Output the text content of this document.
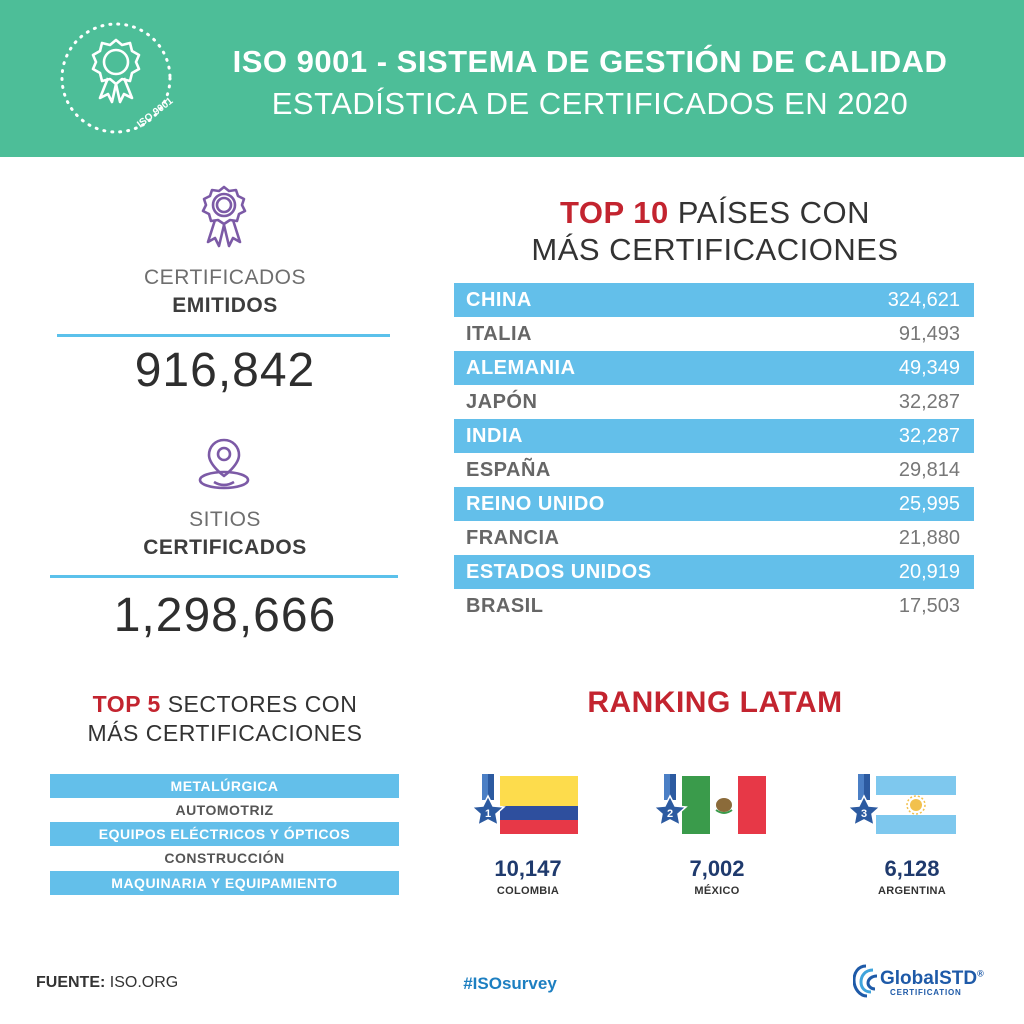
ISO 9001
ISO 9001 - SISTEMA DE GESTIÓN DE CALIDAD
ESTADÍSTICA DE CERTIFICADOS EN 2020
CERTIFICADOS
EMITIDOS
916,842
SITIOS
CERTIFICADOS
1,298,666
TOP 10 PAÍSES CON
MÁS CERTIFICACIONES
CHINA	324,621
ITALIA	91,493
ALEMANIA	49,349
JAPÓN	32,287
INDIA	32,287
ESPAÑA	29,814
REINO UNIDO	25,995
FRANCIA	21,880
ESTADOS UNIDOS	20,919
BRASIL	17,503
TOP 5 SECTORES CON
MÁS CERTIFICACIONES
METALÚRGICA
AUTOMOTRIZ
EQUIPOS ELÉCTRICOS Y ÓPTICOS
CONSTRUCCIÓN
MAQUINARIA Y EQUIPAMIENTO
RANKING LATAM
1
10,147
COLOMBIA
2
7,002
MÉXICO
3
6,128
ARGENTINA
FUENTE: ISO.ORG	#ISOsurvey	GlobalSTD®
CERTIFICATION
